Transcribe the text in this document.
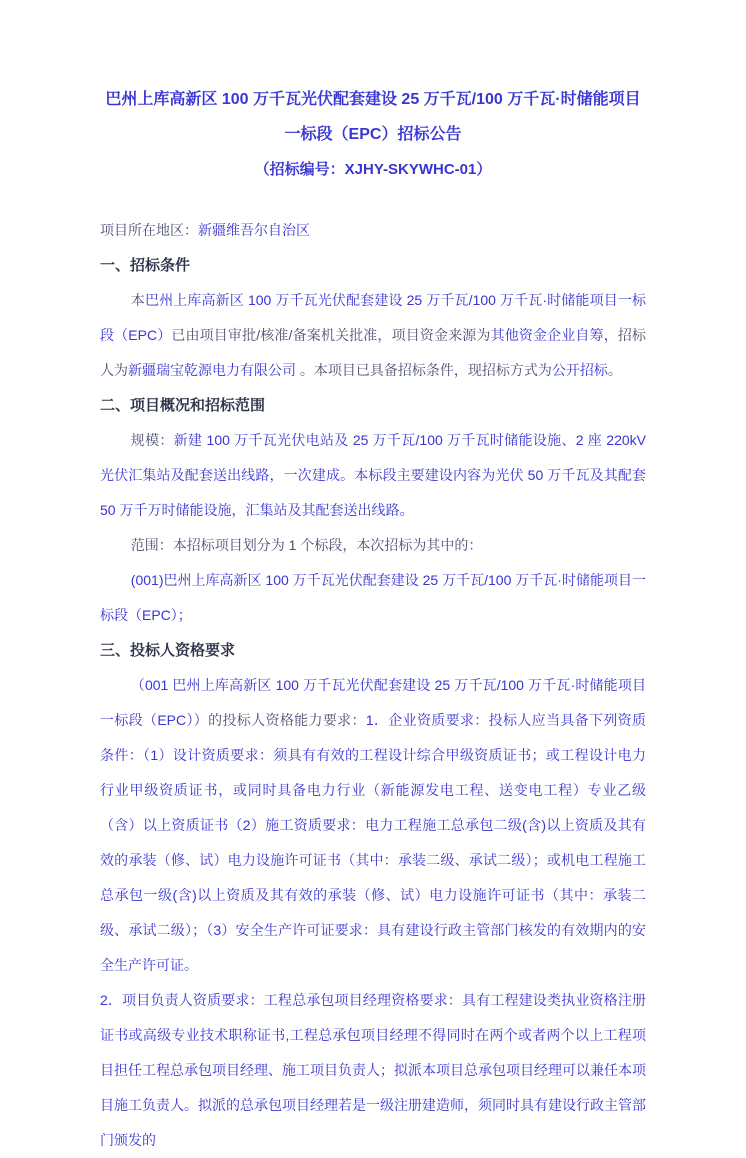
巴州上库高新区 100 万千瓦光伏配套建设 25 万千瓦/100 万千瓦·时储能项目一标段（EPC）招标公告
（招标编号：XJHY-SKYWHC-01）

项目所在地区：新疆维吾尔自治区

一、招标条件

本巴州上库高新区 100 万千瓦光伏配套建设 25 万千瓦/100 万千瓦·时储能项目一标段（EPC）已由项目审批/核准/备案机关批准，项目资金来源为其他资金企业自筹，招标人为新疆瑞宝乾源电力有限公司 。本项目已具备招标条件，现招标方式为公开招标。

二、项目概况和招标范围

规模：新建 100 万千瓦光伏电站及 25 万千瓦/100 万千瓦时储能设施、2 座 220kV 光伏汇集站及配套送出线路，一次建成。本标段主要建设内容为光伏 50 万千瓦及其配套 50 万千万时储能设施，汇集站及其配套送出线路。

范围：本招标项目划分为 1 个标段，本次招标为其中的：

(001)巴州上库高新区 100 万千瓦光伏配套建设 25 万千瓦/100 万千瓦·时储能项目一标段（EPC）；

三、投标人资格要求

（001 巴州上库高新区 100 万千瓦光伏配套建设 25 万千瓦/100 万千瓦·时储能项目一标段（EPC））的投标人资格能力要求：1．企业资质要求：投标人应当具备下列资质条件：（1）设计资质要求：须具有有效的工程设计综合甲级资质证书；或工程设计电力行业甲级资质证书，或同时具备电力行业（新能源发电工程、送变电工程）专业乙级（含）以上资质证书（2）施工资质要求：电力工程施工总承包二级(含)以上资质及其有效的承装（修、试）电力设施许可证书（其中：承装二级、承试二级）；或机电工程施工总承包一级(含)以上资质及其有效的承装（修、试）电力设施许可证书（其中：承装二级、承试二级）；（3）安全生产许可证要求：具有建设行政主管部门核发的有效期内的安全生产许可证。

2．项目负责人资质要求：工程总承包项目经理资格要求：具有工程建设类执业资格注册证书或高级专业技术职称证书,工程总承包项目经理不得同时在两个或者两个以上工程项目担任工程总承包项目经理、施工项目负责人；拟派本项目总承包项目经理可以兼任本项目施工负责人。拟派的总承包项目经理若是一级注册建造师，须同时具有建设行政主管部门颁发的
